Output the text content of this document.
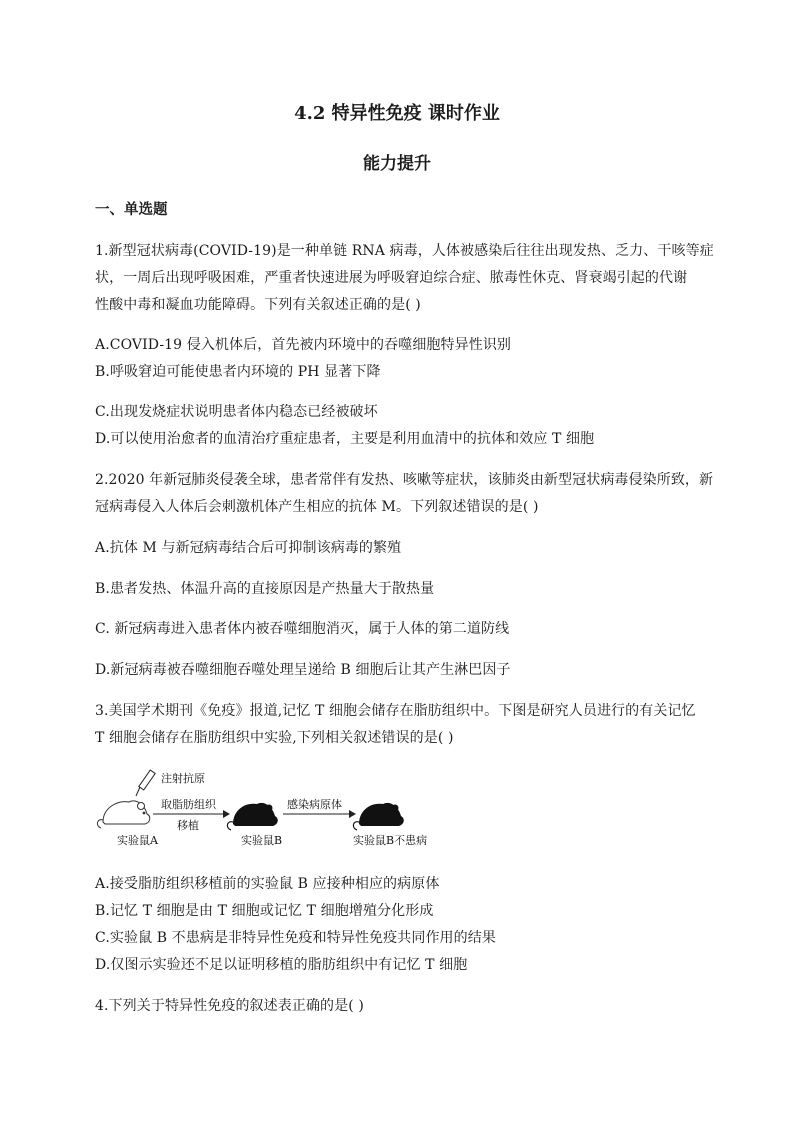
4.2 特异性免疫 课时作业
能力提升
一、单选题
1.新型冠状病毒(COVID-19)是一种单链 RNA 病毒，人体被感染后往往出现发热、乏力、干咳等症
状，一周后出现呼吸困难，严重者快速进展为呼吸窘迫综合症、脓毒性休克、肾衰竭引起的代谢
性酸中毒和凝血功能障碍。下列有关叙述正确的是( )
A.COVID-19 侵入机体后，首先被内环境中的吞噬细胞特异性识别
B.呼吸窘迫可能使患者内环境的 PH 显著下降
C.出现发烧症状说明患者体内稳态已经被破坏
D.可以使用治愈者的血清治疗重症患者，主要是利用血清中的抗体和效应 T 细胞
2.2020 年新冠肺炎侵袭全球，患者常伴有发热、咳嗽等症状，该肺炎由新型冠状病毒侵染所致，新
冠病毒侵入人体后会刺激机体产生相应的抗体 M。下列叙述错误的是( )
A.抗体 M 与新冠病毒结合后可抑制该病毒的繁殖
B.患者发热、体温升高的直接原因是产热量大于散热量
C. 新冠病毒进入患者体内被吞噬细胞消灭，属于人体的第二道防线
D.新冠病毒被吞噬细胞吞噬处理呈递给 B 细胞后让其产生淋巴因子
3.美国学术期刊《免疫》报道,记忆 T 细胞会储存在脂肪组织中。下图是研究人员进行的有关记忆
T 细胞会储存在脂肪组织中实验,下列相关叙述错误的是( )
注射抗原
取脂肪组织
移植
感染病原体
实验鼠A	实验鼠B	实验鼠B不患病
A.接受脂肪组织移植前的实验鼠 B 应接种相应的病原体
B.记忆 T 细胞是由 T 细胞或记忆 T 细胞增殖分化形成
C.实验鼠 B 不患病是非特异性免疫和特异性免疫共同作用的结果
D.仅图示实验还不足以证明移植的脂肪组织中有记忆 T 细胞
4.下列关于特异性免疫的叙述表正确的是( )
